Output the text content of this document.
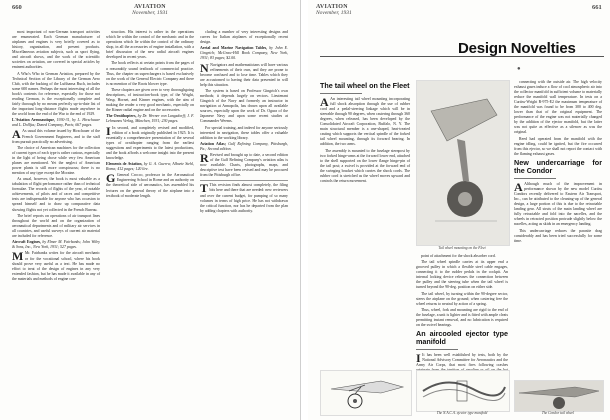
660	AVIATION
November, 1931

most important of non-German transport activities are enumerated. Each German manufacturer of airplanes and engines is very briefly covered as to history, organization, and present products. Miscellaneous aviation subjects, such as sport flying, and aircraft shows, and the work of the scientific societies on aviation, are covered in special articles by eminent authorities.

A Who's Who in German Aviation, prepared by the Technical Section of the Library of the German Aero Club, with the backing of the Lufthansa Buch, includes some 600 names. Perhaps the most interesting of all the book's contents for reference, especially for those not reading German, is the exceptionally complete and fairly thorough by no means perfectly up-to-date list of the important long-distance flights made anywhere in the world from the end of the War to the end of 1929.

L'Aviation Aeronautique, 1930-31, by L. Hirschauer and L. Dollfus; Duned Company, Paris; 667 pages.

A As usual this volume issued by Hirschauer of the French Government Engineers, and to the staff from pursuit practically no advertising.

The choice of American machines for the collection of current types of each type is rather curious, especially in the light of being chose while very few American planes are mentioned. Yet the neglect of American power plants is still more conspicuous; there is no mention of any type except the Moraine.

As usual, however, the book is most valuable as a tabulation of flight performance rather than of technical formulae. The records of flights of the year, of notable achievements, of pilots and of races and competitive tests are indispensable for anyone who has occasion to spread himself and to draw up comparative data showing flights not yet collected in the French Bureau.

The brief reports on operations of air transport lines throughout the world and on the organization of aeronautical departments and of military air services in all countries, and useful surveys of current air material are included for reference.

Aircraft Engines, by Elmer M. Fairbanks; John Wiley & Sons, Inc., New York, 1931; 527 pages.

M Mr. Fairbanks writes for the aircraft mechanic or for the vocational school, where his book should prove very useful as a text. He has made no effort to treat of the design of engines in any very extended fashion, but he has made it available in any of the materials and methods of engine con-

struction. His interest is rather in the operations which lie within the control of the mechanic and in the operations which lie within the control of the ordinary shop, in all the accessories of engine installation, with a brief discussion of the new radial aircraft engines developed in recent years.

The book reflects at certain points from the pages of a reasonably sound textbook of commercial practice. Thus, the chapter on superchargers is based exclusively on the work of the General Electric Company and there is no mention of the Roots blower type.

These chapters are given over to very thoroughgoing descriptions, of instruction-book type, of the Wright, Wasp, Hornet, and Kinner engines, with the aim of making the reader a very good mechanic, especially on the Kinner radial engine and on the accessories.

The Ornithopters, by Dr. Werner von Langsdorff; J. F. Lehmanns Verlag, München, 1931; 230 pages.

I In second, and completely revised and modified, edition of a book originally published in 1925. It is essentially a comprehensive presentation of the several types of ornithopter ranging from the earliest suggestions and experiments to the latest productions, and the book affords a welcome insight into the present knowledge.

Elements de Aviation, by G. A. Guerra; Albarie Stehl, Roma; 412 pages; 120 lire.

G General Crocco, professor in the Aeronautical Engineering School in Rome and an authority on the theoretical side of aeronautics, has assembled his lectures on the general theory of the airplane into a textbook of moderate length.

cluding a number of very interesting designs and curves for Italian airplanes of exceptionally recent design.

Aerial and Marine Navigation Tables, by John E. Gingrich; McGraw-Hill Book Company, New York, 1931; 83 pages; $2.00.

N Navigators and mathematicians will have various refinements of their own, and they are prone to become confused and to lose time. Tables which they are accustomed to having their data presented in will help this situation.

The system is based on Professor Gingrich's own methods; it depends largely on vectors. Lieutenant Gingrich of the Navy and formerly an instructor in navigation at Annapolis, has drawn upon all available sources, especially upon the work of Dr. Ogura of the Japanese Navy and upon some recent studies at Commander Weems.

For special training, and indeed for anyone seriously interested in navigation, these tables offer a valuable addition to the working library.

Aviation Atlas; Gulf Refining Company, Pittsburgh, Pa.; Second edition.

R Revised and brought up to date, a second edition of the Gulf Refining Company's aviation atlas is now available. Charts, photographs, maps, and descriptive text have been revised and may be procured from the Pittsburgh office.

T This revision finds almost completely, the filing bits here and there that are needed: new reviewers and over the current budget, for pumping of so many volumes in terms of high price. He has not withdrawn the critical function, nor has he departed from the plan by adding chapters with authority.

AVIATION
November, 1931
661
Design Novelties
●
The tail wheel on the Fleet

A An interesting tail wheel mounting incorporating full shock absorption through the use of rubber cord and a pedal-steering linkage which will be in steerable through 90 degrees, when castering through 360 degrees, when released, has been developed by the Consolidated Aircraft Corporation, Buffalo, N. Y. The main structural member is a one-shaped, heat-treated casting which supports the vertical spindle of the forked tail wheel mounting, through its forward bearing. In addition, the two arms.

The assembly is mounted to the fuselage sternpost by two forked hinge-arms at the forward lower end, attached to the shell supported on the lower flange hinge-pin of the tail post; a swivel is provided at the forward end of the swinging bracket which carries the shock cords. The rubber cord is stretched as the wheel moves upward and controls the return movement.

Tail wheel mounting on the Fleet

point of attachment for the shock absorber cord.

The tail wheel spindle carries at its upper end a grooved pulley in which a flexible steel cable engages, connecting it to the rudder pedals in the cockpit. An internal locking device releases the connection between the pulley and the steering tube when the tail wheel is turned beyond the 90-deg. position on either side.

The tail wheel, by turning within the 90-degree sector, steers the airplane on the ground; when castering free the wheel returns to neutral by action of a spring.

Thus, wheel, fork and mounting are rigid to the end of the fuselage, a unit is lighter and is fitted with ample cleats permitting instant removal, and no lubrication is required on the swivel bearings.

An aircooled ejector type manifold

I It has been well established by tests, both by the National Advisory Committee for Aeronautics and the Army Air Corps, that most fires following crashes originate from the ignition of gasoline or oil on the hot exhaust manifold. After a long series of tests, engineers of the N.A.C.A. have designed an exhaust manifold in which there is a cold jacket of air drawn around the hot pipes.

The N.A.C.A. ejector type manifold

connecting with the outside air. The high velocity exhaust gases induce a flow of cool atmospheric air into the collector manifold in sufficient volume to materially reduce the manifold wall temperature. In tests on a Curtiss-Wright R-975-E2 the maximum temperature of the manifold was found to be from 300 to 400 deg. lower than that of the original equipment. The performance of the engine was not materially changed by the addition of the ejector manifold, but the latter was not quite as effective as a silencer as was the original.

Reed had operated from the manifold with the engine idling, could be ignited, but the fire occurred from this ejector, so we shall not report the contact with the flaming exhaust gases.

New undercarriage for the Condor

A Although much of the improvement in performance shown by the new model Curtiss Condors recently delivered to Eastern Air Transport, Inc., can be attributed to the cleaning-up of the general design, a large portion of this is due to the retractable landing gear. All struts of the main landing wheel are fully retractable and fold into the nacelles, and the wheels in retracted position protrude slightly below the nacelles, acting as skids in an emergency landing.

This undercarriage reduces the parasite drag considerably and has been tried successfully for some time.

The Condor tail wheel
